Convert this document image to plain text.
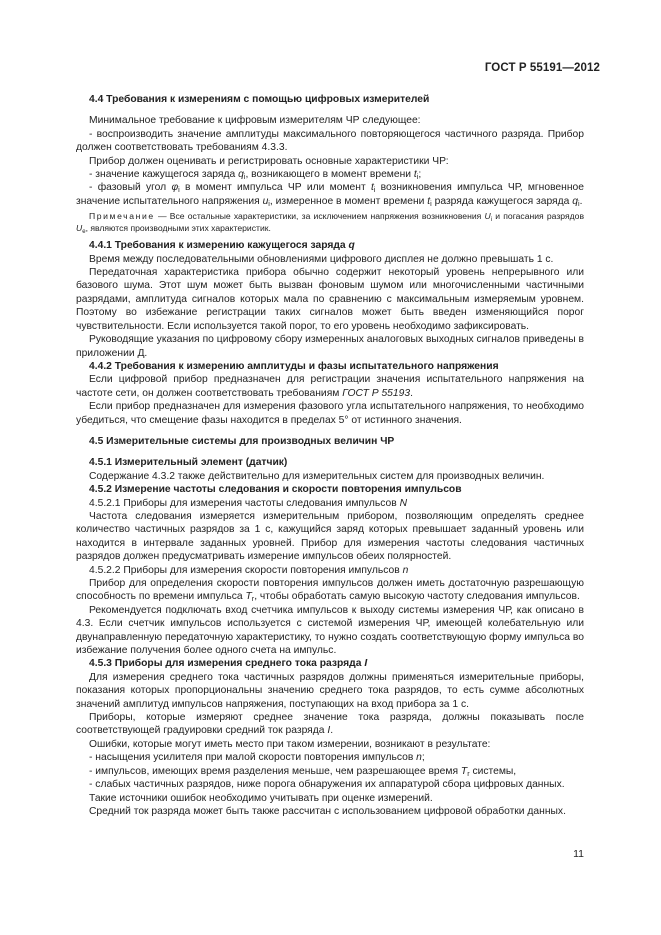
ГОСТ Р 55191—2012

4.4 Требования к измерениям с помощью цифровых измерителей

Минимальное требование к цифровым измерителям ЧР следующее:

- воспроизводить значение амплитуды максимального повторяющегося частичного разряда. Прибор должен соответствовать требованиям 4.3.3.

Прибор должен оценивать и регистрировать основные характеристики ЧР:

- значение кажущегося заряда $q_i$, возникающего в момент времени $t_i$;

- фазовый угол $\varphi_i$ в момент импульса ЧР или момент $t_i$ возникновения импульса ЧР, мгновенное значение испытательного напряжения $u_i$, измеренное в момент времени $t_i$ разряда кажущегося заряда $q_i$.

Примечание — Все остальные характеристики, за исключением напряжения возникновения $U_i$ и погасания разрядов $U_e$, являются производными этих характеристик.

4.4.1 Требования к измерению кажущегося заряда q

Время между последовательными обновлениями цифрового дисплея не должно превышать 1 с.

Передаточная характеристика прибора обычно содержит некоторый уровень непрерывного или базового шума. Этот шум может быть вызван фоновым шумом или многочисленными частичными разрядами, амплитуда сигналов которых мала по сравнению с максимальным измеряемым уровнем. Поэтому во избежание регистрации таких сигналов может быть введен изменяющийся порог чувствительности. Если используется такой порог, то его уровень необходимо зафиксировать.

Руководящие указания по цифровому сбору измеренных аналоговых выходных сигналов приведены в приложении Д.

4.4.2 Требования к измерению амплитуды и фазы испытательного напряжения

Если цифровой прибор предназначен для регистрации значения испытательного напряжения на частоте сети, он должен соответствовать требованиям ГОСТ Р 55193.

Если прибор предназначен для измерения фазового угла испытательного напряжения, то необходимо убедиться, что смещение фазы находится в пределах 5° от истинного значения.

4.5 Измерительные системы для производных величин ЧР

4.5.1 Измерительный элемент (датчик)

Содержание 4.3.2 также действительно для измерительных систем для производных величин.

4.5.2 Измерение частоты следования и скорости повторения импульсов

4.5.2.1 Приборы для измерения частоты следования импульсов N

Частота следования измеряется измерительным прибором, позволяющим определять среднее количество частичных разрядов за 1 с, кажущийся заряд которых превышает заданный уровень или находится в интервале заданных уровней. Прибор для измерения частоты следования частичных разрядов должен предусматривать измерение импульсов обеих полярностей.

4.5.2.2 Приборы для измерения скорости повторения импульсов n

Прибор для определения скорости повторения импульсов должен иметь достаточную разрешающую способность по времени импульса $T_r$, чтобы обработать самую высокую частоту следования импульсов.

Рекомендуется подключать вход счетчика импульсов к выходу системы измерения ЧР, как описано в 4.3. Если счетчик импульсов используется с системой измерения ЧР, имеющей колебательную или двунаправленную передаточную характеристику, то нужно создать соответствующую форму импульса во избежание получения более одного счета на импульс.

4.5.3 Приборы для измерения среднего тока разряда I

Для измерения среднего тока частичных разрядов должны применяться измерительные приборы, показания которых пропорциональны значению среднего тока разрядов, то есть сумме абсолютных значений амплитуд импульсов напряжения, поступающих на вход прибора за 1 с.

Приборы, которые измеряют среднее значение тока разряда, должны показывать после соответствующей градуировки средний ток разряда I.

Ошибки, которые могут иметь место при таком измерении, возникают в результате:

- насыщения усилителя при малой скорости повторения импульсов n;

- импульсов, имеющих время разделения меньше, чем разрешающее время $T_r$ системы,

- слабых частичных разрядов, ниже порога обнаружения их аппаратурой сбора цифровых данных.

Такие источники ошибок необходимо учитывать при оценке измерений.

Средний ток разряда может быть также рассчитан с использованием цифровой обработки данных.

11
